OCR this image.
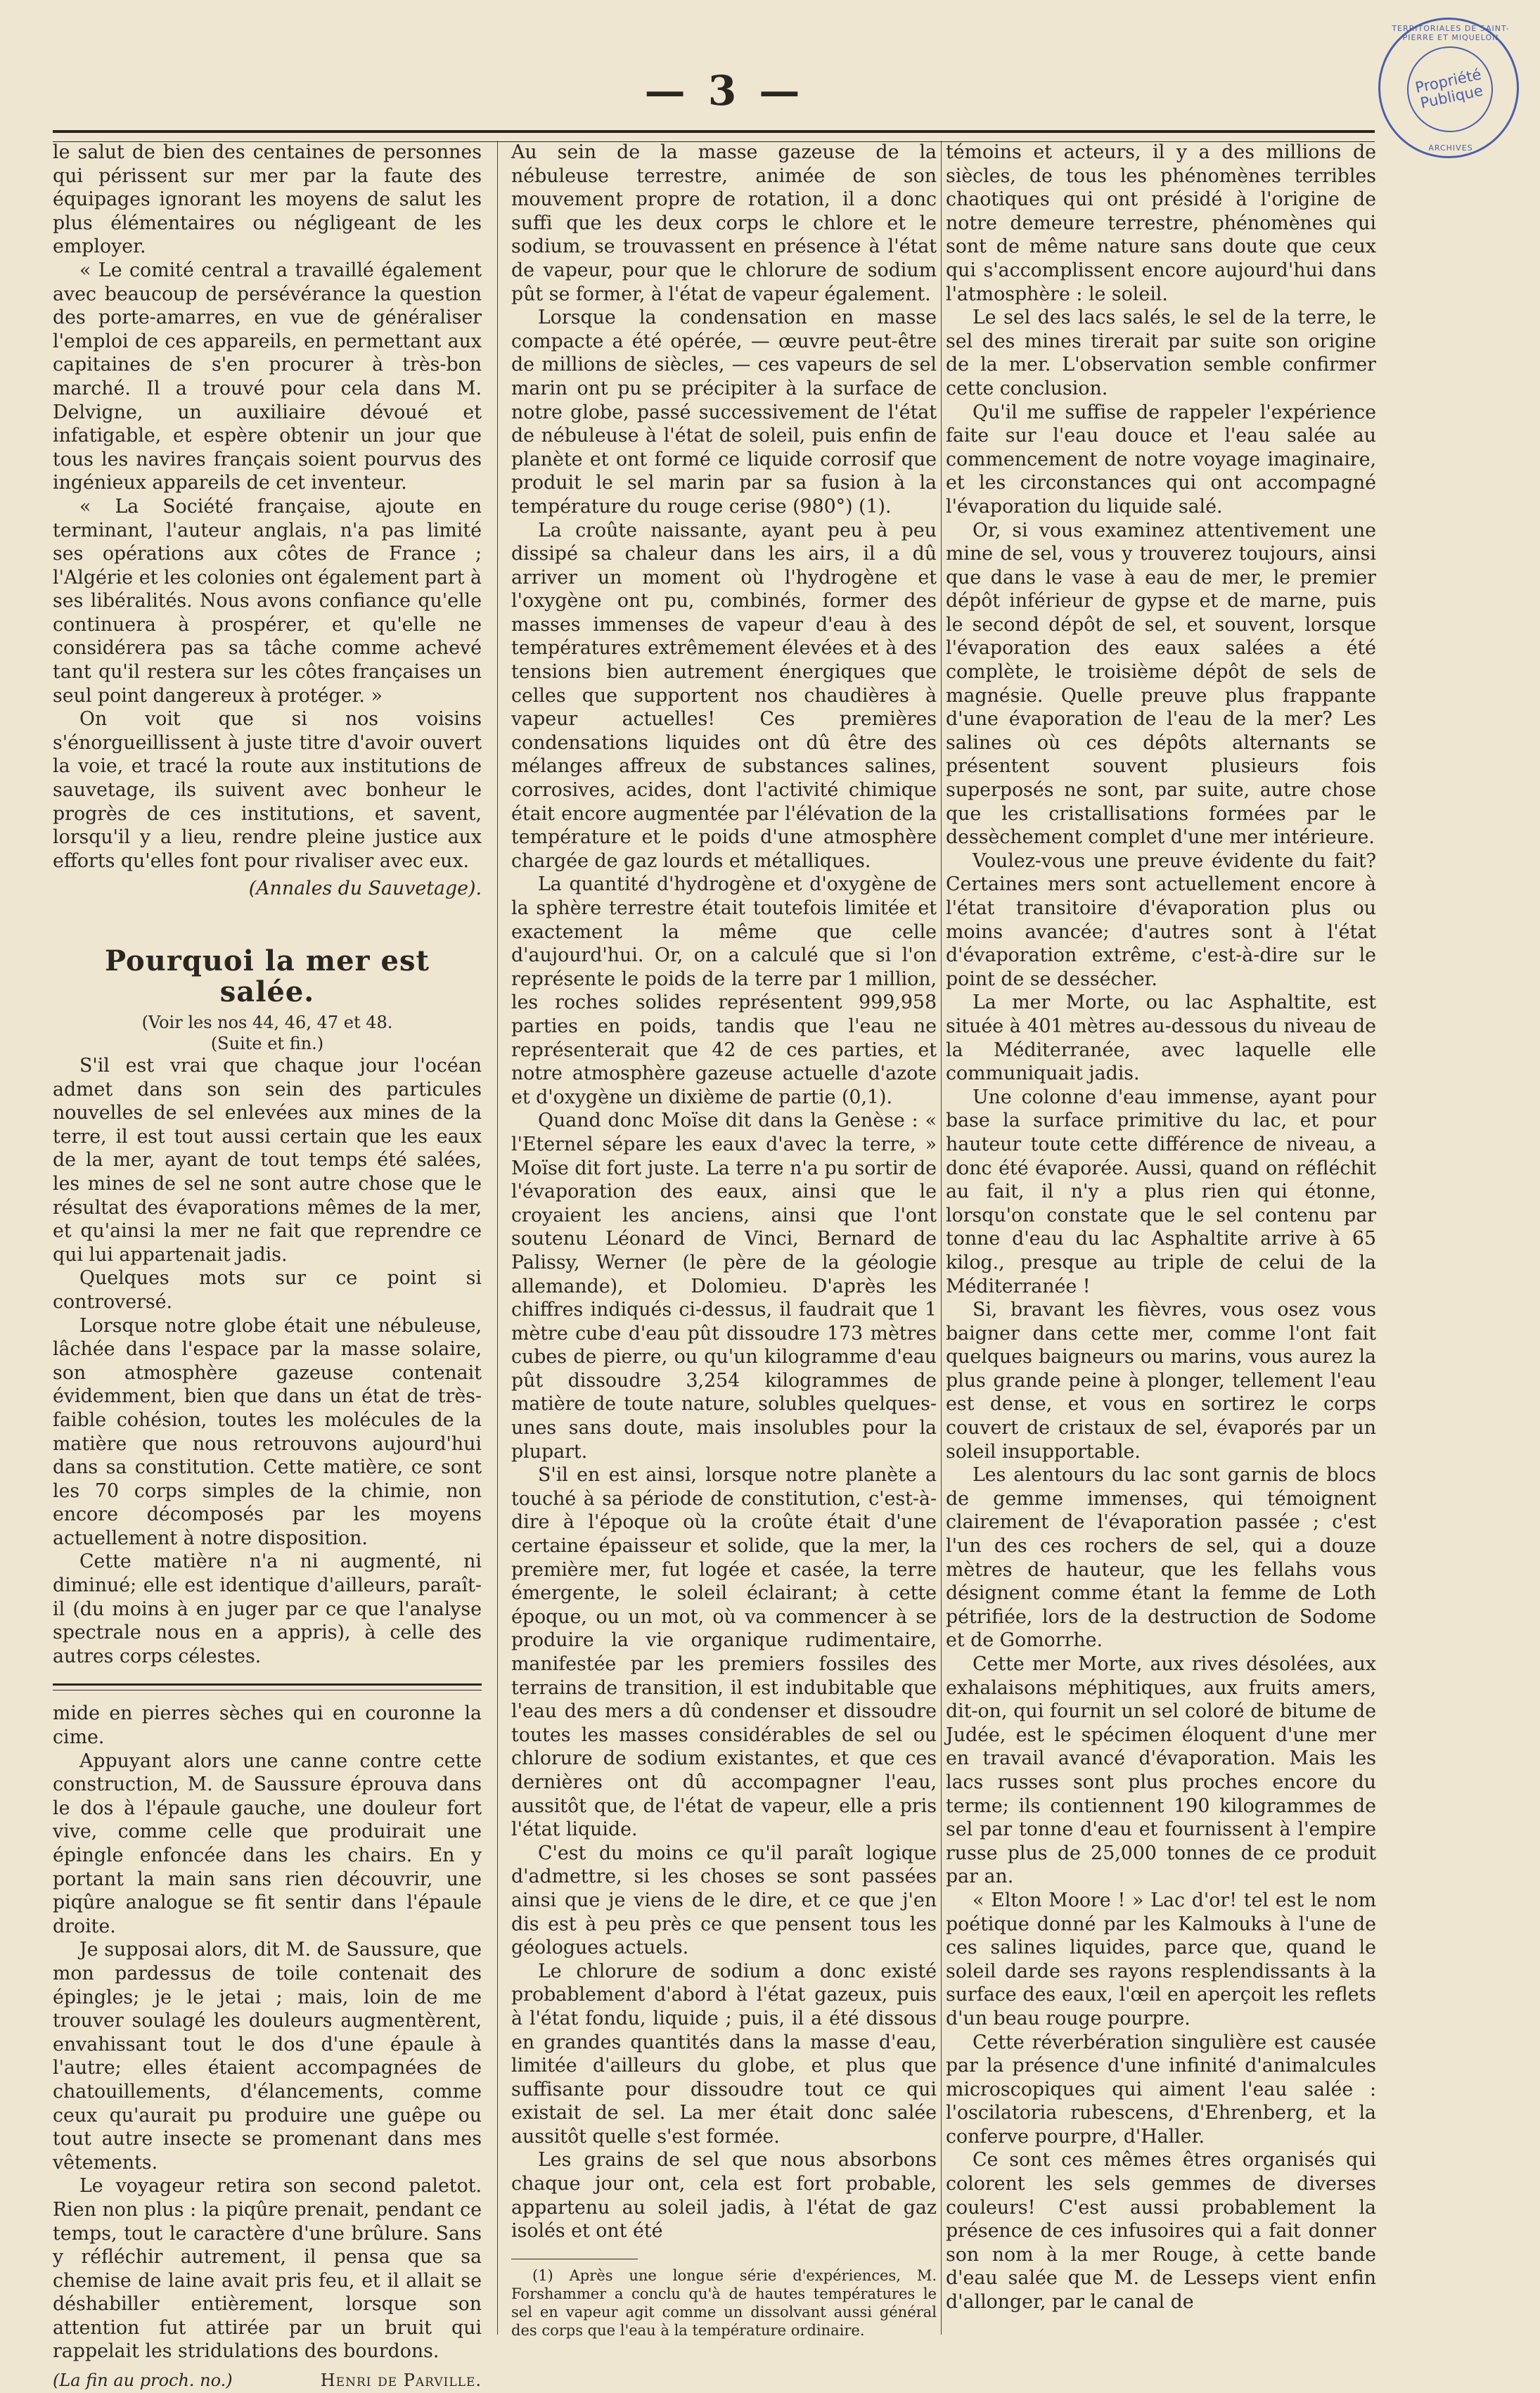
— 3 —
TERRITORIALES DE SAINT-PIERRE ET MIQUELON
Propriété Publique
ARCHIVES

le salut de bien des centaines de personnes qui périssent sur mer par la faute des équipages ignorant les moyens de salut les plus élémentaires ou négligeant de les employer.

« Le comité central a travaillé également avec beaucoup de persévérance la question des porte-amarres, en vue de généraliser l'emploi de ces appareils, en permettant aux capitaines de s'en procurer à très-bon marché. Il a trouvé pour cela dans M. Delvigne, un auxiliaire dévoué et infatigable, et espère obtenir un jour que tous les navires français soient pourvus des ingénieux appareils de cet inventeur.

« La Société française, ajoute en terminant, l'auteur anglais, n'a pas limité ses opérations aux côtes de France ; l'Algérie et les colonies ont également part à ses libéralités. Nous avons confiance qu'elle continuera à prospérer, et qu'elle ne considérera pas sa tâche comme achevé tant qu'il restera sur les côtes françaises un seul point dangereux à protéger. »

On voit que si nos voisins s'énorgueillissent à juste titre d'avoir ouvert la voie, et tracé la route aux institutions de sauvetage, ils suivent avec bonheur le progrès de ces institutions, et savent, lorsqu'il y a lieu, rendre pleine justice aux efforts qu'elles font pour rivaliser avec eux.

(Annales du Sauvetage).
Pourquoi la mer est salée.
(Voir les nos 44, 46, 47 et 48.
(Suite et fin.)

S'il est vrai que chaque jour l'océan admet dans son sein des particules nouvelles de sel enlevées aux mines de la terre, il est tout aussi certain que les eaux de la mer, ayant de tout temps été salées, les mines de sel ne sont autre chose que le résultat des évaporations mêmes de la mer, et qu'ainsi la mer ne fait que reprendre ce qui lui appartenait jadis.

Quelques mots sur ce point si controversé.

Lorsque notre globe était une nébuleuse, lâchée dans l'espace par la masse solaire, son atmosphère gazeuse contenait évidemment, bien que dans un état de très-faible cohésion, toutes les molécules de la matière que nous retrouvons aujourd'hui dans sa constitution. Cette matière, ce sont les 70 corps simples de la chimie, non encore décomposés par les moyens actuellement à notre disposition.

Cette matière n'a ni augmenté, ni diminué; elle est identique d'ailleurs, paraît-il (du moins à en juger par ce que l'analyse spectrale nous en a appris), à celle des autres corps célestes.

mide en pierres sèches qui en couronne la cime.

Appuyant alors une canne contre cette construction, M. de Saussure éprouva dans le dos à l'épaule gauche, une douleur fort vive, comme celle que produirait une épingle enfoncée dans les chairs. En y portant la main sans rien découvrir, une piqûre analogue se fit sentir dans l'épaule droite.

Je supposai alors, dit M. de Saussure, que mon pardessus de toile contenait des épingles; je le jetai ; mais, loin de me trouver soulagé les douleurs augmentèrent, envahissant tout le dos d'une épaule à l'autre; elles étaient accompagnées de chatouillements, d'élancements, comme ceux qu'aurait pu produire une guêpe ou tout autre insecte se promenant dans mes vêtements.

Le voyageur retira son second paletot. Rien non plus : la piqûre prenait, pendant ce temps, tout le caractère d'une brûlure. Sans y réfléchir autrement, il pensa que sa chemise de laine avait pris feu, et il allait se déshabiller entièrement, lorsque son attention fut attirée par un bruit qui rappelait les stridulations des bourdons.

(La fin au proch. no.)	Henri de Parville.

Au sein de la masse gazeuse de la nébuleuse terrestre, animée de son mouvement propre de rotation, il a donc suffi que les deux corps le chlore et le sodium, se trouvassent en présence à l'état de vapeur, pour que le chlorure de sodium pût se former, à l'état de vapeur également.

Lorsque la condensation en masse compacte a été opérée, — œuvre peut-être de millions de siècles, — ces vapeurs de sel marin ont pu se précipiter à la surface de notre globe, passé successivement de l'état de nébuleuse à l'état de soleil, puis enfin de planète et ont formé ce liquide corrosif que produit le sel marin par sa fusion à la température du rouge cerise (980°) (1).

La croûte naissante, ayant peu à peu dissipé sa chaleur dans les airs, il a dû arriver un moment où l'hydrogène et l'oxygène ont pu, combinés, former des masses immenses de vapeur d'eau à des températures extrêmement élevées et à des tensions bien autrement énergiques que celles que supportent nos chaudières à vapeur actuelles! Ces premières condensations liquides ont dû être des mélanges affreux de substances salines, corrosives, acides, dont l'activité chimique était encore augmentée par l'élévation de la température et le poids d'une atmosphère chargée de gaz lourds et métalliques.

La quantité d'hydrogène et d'oxygène de la sphère terrestre était toutefois limitée et exactement la même que celle d'aujourd'hui. Or, on a calculé que si l'on représente le poids de la terre par 1 million, les roches solides représentent 999,958 parties en poids, tandis que l'eau ne représenterait que 42 de ces parties, et notre atmosphère gazeuse actuelle d'azote et d'oxygène un dixième de partie (0,1).

Quand donc Moïse dit dans la Genèse : « l'Eternel sépare les eaux d'avec la terre, » Moïse dit fort juste. La terre n'a pu sortir de l'évaporation des eaux, ainsi que le croyaient les anciens, ainsi que l'ont soutenu Léonard de Vinci, Bernard de Palissy, Werner (le père de la géologie allemande), et Dolomieu. D'après les chiffres indiqués ci-dessus, il faudrait que 1 mètre cube d'eau pût dissoudre 173 mètres cubes de pierre, ou qu'un kilogramme d'eau pût dissoudre 3,254 kilogrammes de matière de toute nature, solubles quelques-unes sans doute, mais insolubles pour la plupart.

S'il en est ainsi, lorsque notre planète a touché à sa période de constitution, c'est-à-dire à l'époque où la croûte était d'une certaine épaisseur et solide, que la mer, la première mer, fut logée et casée, la terre émergente, le soleil éclairant; à cette époque, ou un mot, où va commencer à se produire la vie organique rudimentaire, manifestée par les premiers fossiles des terrains de transition, il est indubitable que l'eau des mers a dû condenser et dissoudre toutes les masses considérables de sel ou chlorure de sodium existantes, et que ces dernières ont dû accompagner l'eau, aussitôt que, de l'état de vapeur, elle a pris l'état liquide.

C'est du moins ce qu'il paraît logique d'admettre, si les choses se sont passées ainsi que je viens de le dire, et ce que j'en dis est à peu près ce que pensent tous les géologues actuels.

Le chlorure de sodium a donc existé probablement d'abord à l'état gazeux, puis à l'état fondu, liquide ; puis, il a été dissous en grandes quantités dans la masse d'eau, limitée d'ailleurs du globe, et plus que suffisante pour dissoudre tout ce qui existait de sel. La mer était donc salée aussitôt quelle s'est formée.

Les grains de sel que nous absorbons chaque jour ont, cela est fort probable, appartenu au soleil jadis, à l'état de gaz isolés et ont été

(1) Après une longue série d'expériences, M. Forshammer a conclu qu'à de hautes températures le sel en vapeur agit comme un dissolvant aussi général des corps que l'eau à la température ordinaire.

témoins et acteurs, il y a des millions de siècles, de tous les phénomènes terribles chaotiques qui ont présidé à l'origine de notre demeure terrestre, phénomènes qui sont de même nature sans doute que ceux qui s'accomplissent encore aujourd'hui dans l'atmosphère : le soleil.

Le sel des lacs salés, le sel de la terre, le sel des mines tirerait par suite son origine de la mer. L'observation semble confirmer cette conclusion.

Qu'il me suffise de rappeler l'expérience faite sur l'eau douce et l'eau salée au commencement de notre voyage imaginaire, et les circonstances qui ont accompagné l'évaporation du liquide salé.

Or, si vous examinez attentivement une mine de sel, vous y trouverez toujours, ainsi que dans le vase à eau de mer, le premier dépôt inférieur de gypse et de marne, puis le second dépôt de sel, et souvent, lorsque l'évaporation des eaux salées a été complète, le troisième dépôt de sels de magnésie. Quelle preuve plus frappante d'une évaporation de l'eau de la mer? Les salines où ces dépôts alternants se présentent souvent plusieurs fois superposés ne sont, par suite, autre chose que les cristallisations formées par le dessèchement complet d'une mer intérieure.

Voulez-vous une preuve évidente du fait? Certaines mers sont actuellement encore à l'état transitoire d'évaporation plus ou moins avancée; d'autres sont à l'état d'évaporation extrême, c'est-à-dire sur le point de se dessécher.

La mer Morte, ou lac Asphaltite, est située à 401 mètres au-dessous du niveau de la Méditerranée, avec laquelle elle communiquait jadis.

Une colonne d'eau immense, ayant pour base la surface primitive du lac, et pour hauteur toute cette différence de niveau, a donc été évaporée. Aussi, quand on réfléchit au fait, il n'y a plus rien qui étonne, lorsqu'on constate que le sel contenu par tonne d'eau du lac Asphaltite arrive à 65 kilog., presque au triple de celui de la Méditerranée !

Si, bravant les fièvres, vous osez vous baigner dans cette mer, comme l'ont fait quelques baigneurs ou marins, vous aurez la plus grande peine à plonger, tellement l'eau est dense, et vous en sortirez le corps couvert de cristaux de sel, évaporés par un soleil insupportable.

Les alentours du lac sont garnis de blocs de gemme immenses, qui témoignent clairement de l'évaporation passée ; c'est l'un des ces rochers de sel, qui a douze mètres de hauteur, que les fellahs vous désignent comme étant la femme de Loth pétrifiée, lors de la destruction de Sodome et de Gomorrhe.

Cette mer Morte, aux rives désolées, aux exhalaisons méphitiques, aux fruits amers, dit-on, qui fournit un sel coloré de bitume de Judée, est le spécimen éloquent d'une mer en travail avancé d'évaporation. Mais les lacs russes sont plus proches encore du terme; ils contiennent 190 kilogrammes de sel par tonne d'eau et fournissent à l'empire russe plus de 25,000 tonnes de ce produit par an.

« Elton Moore ! » Lac d'or! tel est le nom poétique donné par les Kalmouks à l'une de ces salines liquides, parce que, quand le soleil darde ses rayons resplendissants à la surface des eaux, l'œil en aperçoit les reflets d'un beau rouge pourpre.

Cette réverbération singulière est causée par la présence d'une infinité d'animalcules microscopiques qui aiment l'eau salée : l'oscilatoria rubescens, d'Ehrenberg, et la conferve pourpre, d'Haller.

Ce sont ces mêmes êtres organisés qui colorent les sels gemmes de diverses couleurs! C'est aussi probablement la présence de ces infusoires qui a fait donner son nom à la mer Rouge, à cette bande d'eau salée que M. de Lesseps vient enfin d'allonger, par le canal de
